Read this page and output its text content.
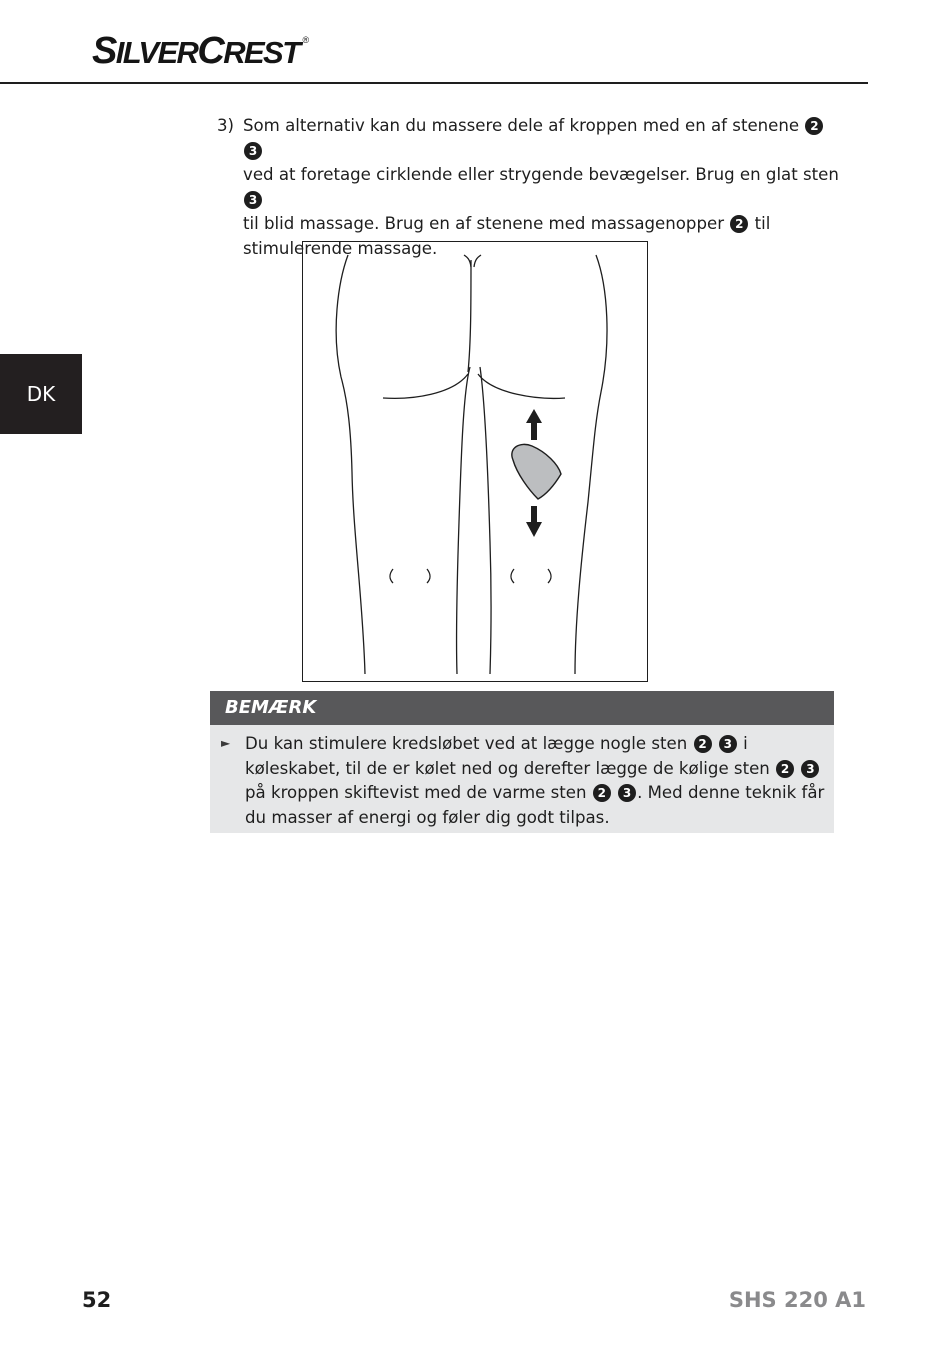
SILVERCREST ®
DK
3) Som alternativ kan du massere dele af kroppen med en af stenene 2 3
ved at foretage cirklende eller strygende bevægelser. Brug en glat sten 3
til blid massage. Brug en af stenene med massagenopper 2 til stimulerende massage.
BEMÆRK
► Du kan stimulere kredsløbet ved at lægge nogle sten 2 3 i køleskabet, til de er kølet ned og derefter lægge de kølige sten 2 3 på kroppen skiftevist med de varme sten 2 3 . Med denne teknik får du masser af energi og føler dig godt tilpas.
52	SHS 220 A1
